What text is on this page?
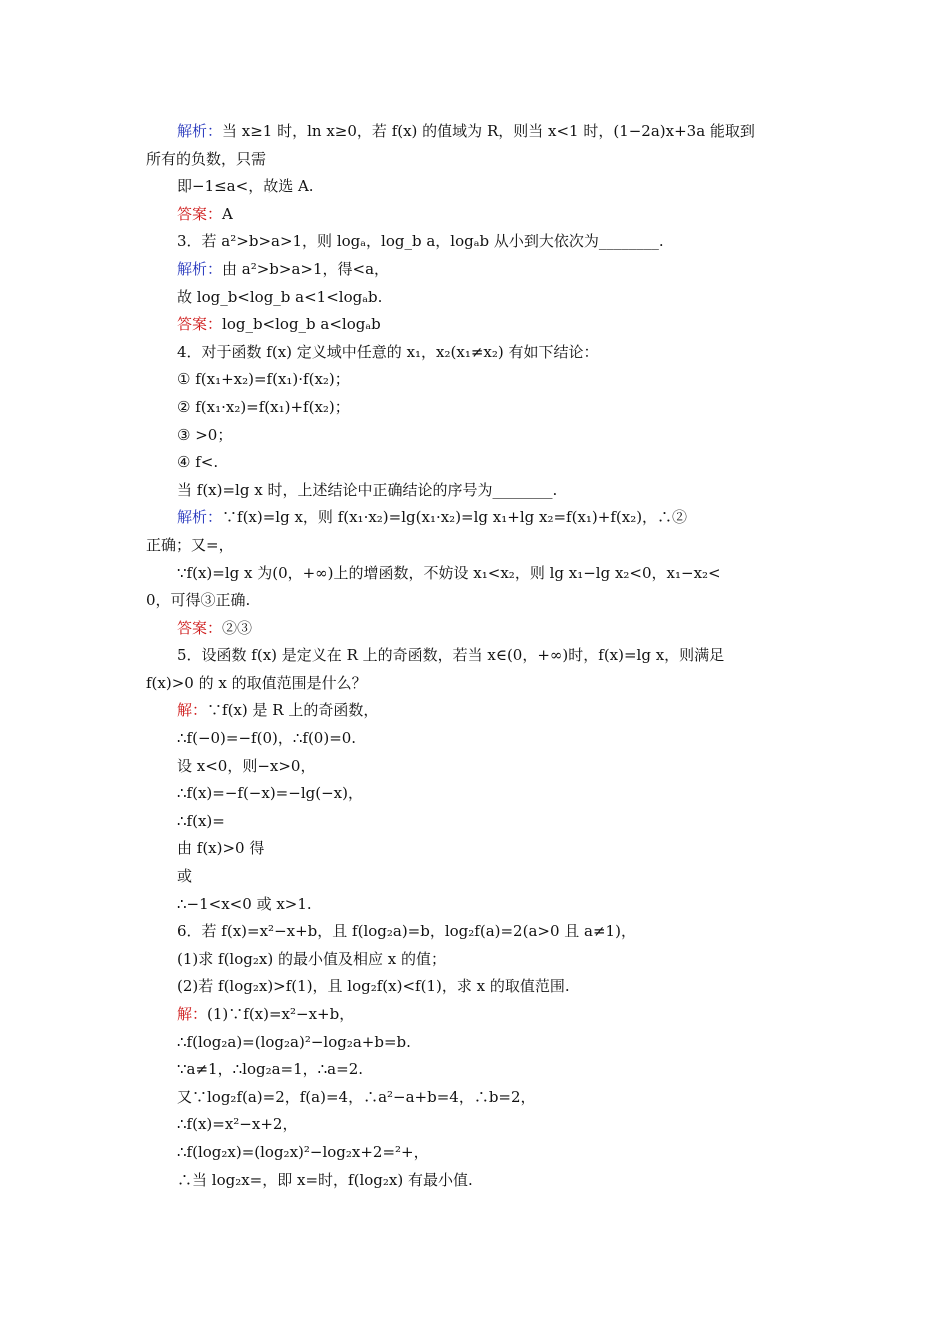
解析：当 x≥1 时，ln x≥0，若 f(x) 的值域为 R，则当 x<1 时，(1−2a)x+3a 能取到
所有的负数，只需
即−1≤a<，故选 A.
答案：A
3．若 a²>b>a>1，则 logₐ，log_b a，logₐb 从小到大依次为________.
解析：由 a²>b>a>1，得<a，
故 log_b<log_b a<1<logₐb.
答案：log_b<log_b a<logₐb
4．对于函数 f(x) 定义域中任意的 x₁，x₂(x₁≠x₂) 有如下结论：
① f(x₁+x₂)=f(x₁)·f(x₂)；
② f(x₁·x₂)=f(x₁)+f(x₂)；
③ >0；
④ f<.
当 f(x)=lg x 时，上述结论中正确结论的序号为________.
解析：∵f(x)=lg x，则 f(x₁·x₂)=lg(x₁·x₂)=lg x₁+lg x₂=f(x₁)+f(x₂)，∴②
正确；又=，
∵f(x)=lg x 为(0，+∞)上的增函数，不妨设 x₁<x₂，则 lg x₁−lg x₂<0，x₁−x₂<
0，可得③正确.
答案：②③
5．设函数 f(x) 是定义在 R 上的奇函数，若当 x∈(0，+∞)时，f(x)=lg x，则满足
f(x)>0 的 x 的取值范围是什么？
解：∵f(x) 是 R 上的奇函数，
∴f(−0)=−f(0)，∴f(0)=0.
设 x<0，则−x>0，
∴f(x)=−f(−x)=−lg(−x)，
∴f(x)=
由 f(x)>0 得
或
∴−1<x<0 或 x>1.
6．若 f(x)=x²−x+b，且 f(log₂a)=b，log₂f(a)=2(a>0 且 a≠1)，
(1)求 f(log₂x) 的最小值及相应 x 的值；
(2)若 f(log₂x)>f(1)，且 log₂f(x)<f(1)，求 x 的取值范围.
解：(1)∵f(x)=x²−x+b，
∴f(log₂a)=(log₂a)²−log₂a+b=b.
∵a≠1，∴log₂a=1，∴a=2.
又∵log₂f(a)=2，f(a)=4，∴a²−a+b=4，∴b=2，
∴f(x)=x²−x+2，
∴f(log₂x)=(log₂x)²−log₂x+2=²+，
∴当 log₂x=，即 x=时，f(log₂x) 有最小值.
